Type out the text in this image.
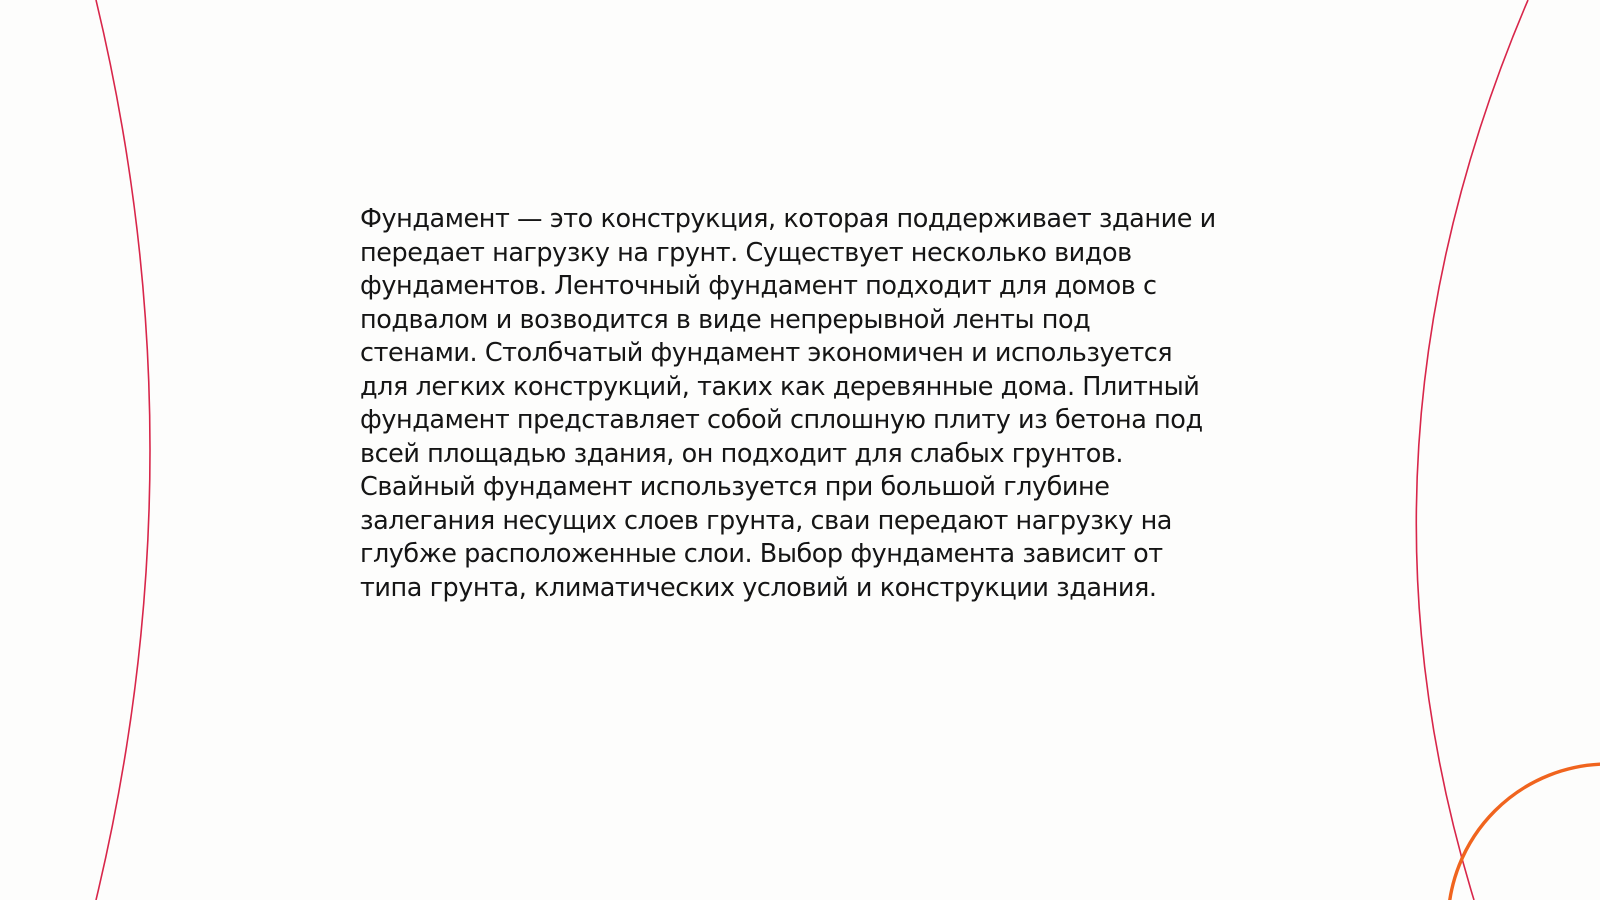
Фундамент — это конструкция, которая поддерживает здание и
передает нагрузку на грунт. Существует несколько видов
фундаментов. Ленточный фундамент подходит для домов с
подвалом и возводится в виде непрерывной ленты под
стенами. Столбчатый фундамент экономичен и используется
для легких конструкций, таких как деревянные дома. Плитный
фундамент представляет собой сплошную плиту из бетона под
всей площадью здания, он подходит для слабых грунтов.
Свайный фундамент используется при большой глубине
залегания несущих слоев грунта, сваи передают нагрузку на
глубже расположенные слои. Выбор фундамента зависит от
типа грунта, климатических условий и конструкции здания.
